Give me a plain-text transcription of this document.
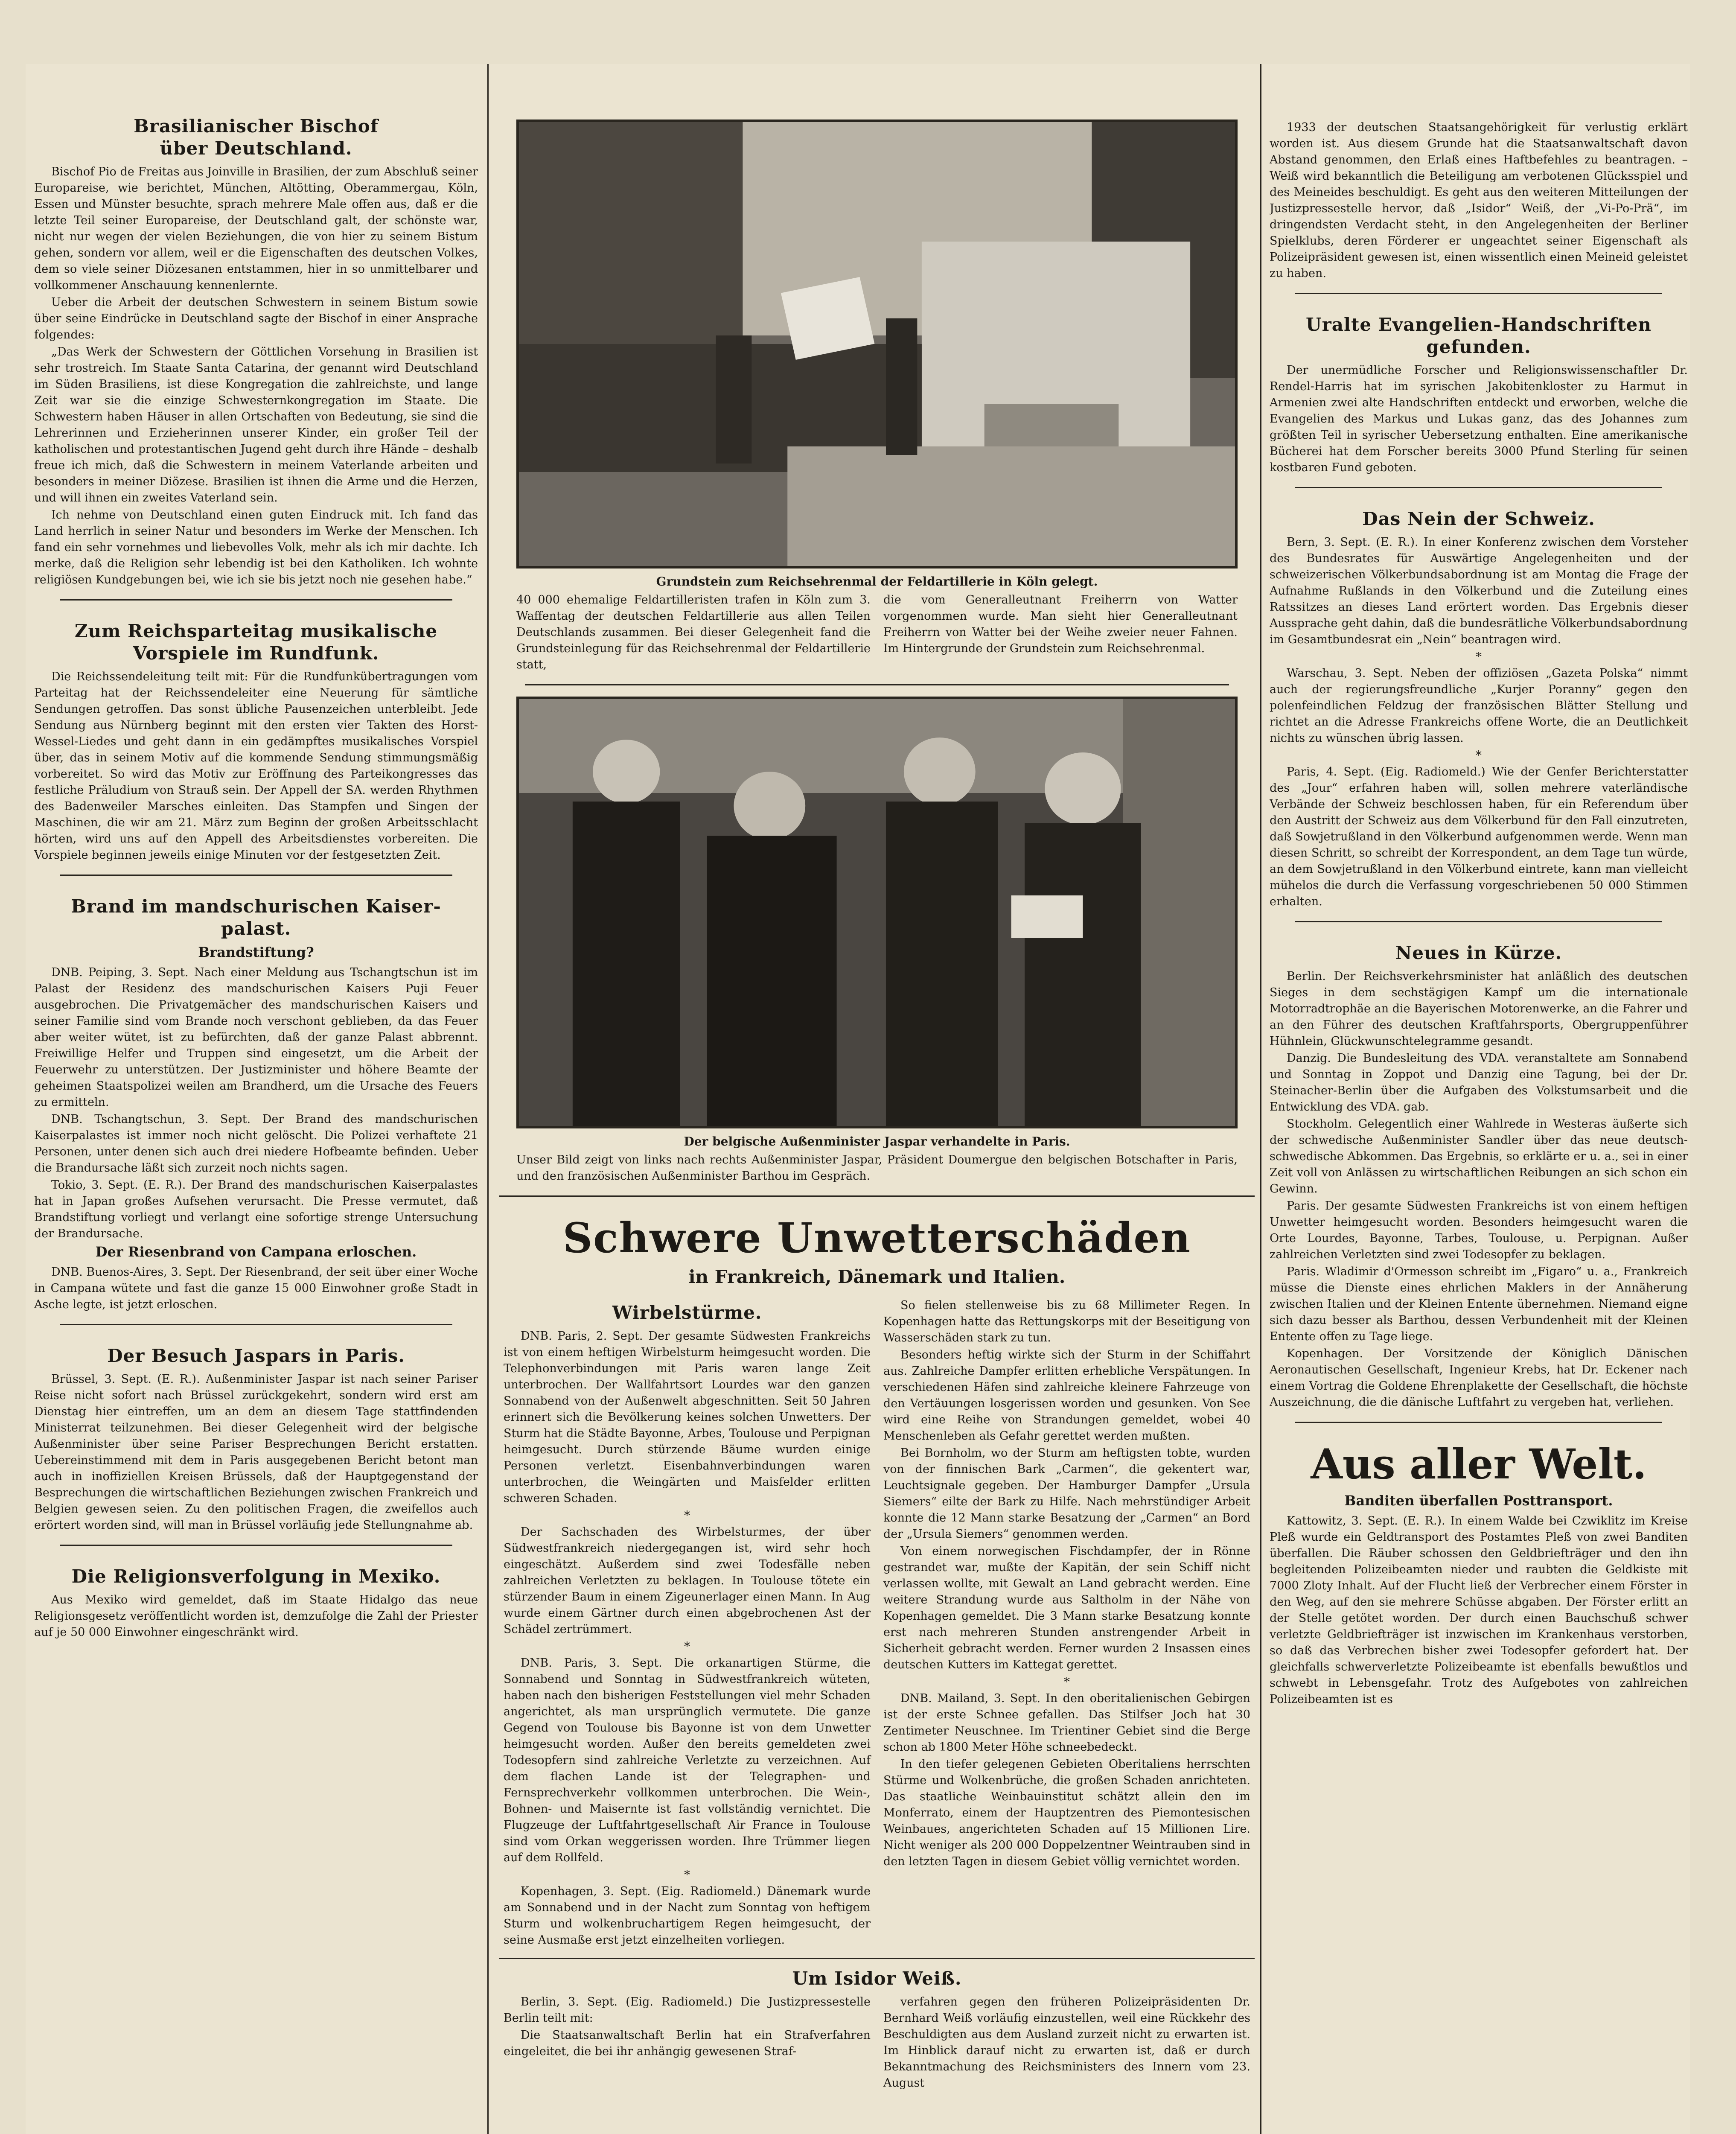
Brasilianischer Bischof
über Deutschland.

Bischof Pio de Freitas aus Joinville in Brasilien, der zum Abschluß seiner Europareise, wie berichtet, München, Altötting, Oberammergau, Köln, Essen und Münster besuchte, sprach mehrere Male offen aus, daß er die letzte Teil seiner Europareise, der Deutschland galt, der schönste war, nicht nur wegen der vielen Beziehungen, die von hier zu seinem Bistum gehen, sondern vor allem, weil er die Eigenschaften des deutschen Volkes, dem so viele seiner Diözesanen entstammen, hier in so unmittelbarer und vollkommener Anschauung kennenlernte.

Ueber die Arbeit der deutschen Schwestern in seinem Bistum sowie über seine Eindrücke in Deutschland sagte der Bischof in einer Ansprache folgendes:

„Das Werk der Schwestern der Göttlichen Vorsehung in Brasilien ist sehr trostreich. Im Staate Santa Catarina, der genannt wird Deutschland im Süden Brasiliens, ist diese Kongregation die zahlreichste, und lange Zeit war sie die einzige Schwesternkongregation im Staate. Die Schwestern haben Häuser in allen Ortschaften von Bedeutung, sie sind die Lehrerinnen und Erzieherinnen unserer Kinder, ein großer Teil der katholischen und protestantischen Jugend geht durch ihre Hände – deshalb freue ich mich, daß die Schwestern in meinem Vaterlande arbeiten und besonders in meiner Diözese. Brasilien ist ihnen die Arme und die Herzen, und will ihnen ein zweites Vaterland sein.

Ich nehme von Deutschland einen guten Eindruck mit. Ich fand das Land herrlich in seiner Natur und besonders im Werke der Menschen. Ich fand ein sehr vornehmes und liebevolles Volk, mehr als ich mir dachte. Ich merke, daß die Religion sehr lebendig ist bei den Katholiken. Ich wohnte religiösen Kundgebungen bei, wie ich sie bis jetzt noch nie gesehen habe.“

Zum Reichsparteitag musikalische
Vorspiele im Rundfunk.

Die Reichssendeleitung teilt mit: Für die Rundfunkübertragungen vom Parteitag hat der Reichssendeleiter eine Neuerung für sämtliche Sendungen getroffen. Das sonst übliche Pausenzeichen unterbleibt. Jede Sendung aus Nürnberg beginnt mit den ersten vier Takten des Horst-Wessel-Liedes und geht dann in ein gedämpftes musikalisches Vorspiel über, das in seinem Motiv auf die kommende Sendung stimmungsmäßig vorbereitet. So wird das Motiv zur Eröffnung des Parteikongresses das festliche Präludium von Strauß sein. Der Appell der SA. werden Rhythmen des Badenweiler Marsches einleiten. Das Stampfen und Singen der Maschinen, die wir am 21. März zum Beginn der großen Arbeitsschlacht hörten, wird uns auf den Appell des Arbeitsdienstes vorbereiten. Die Vorspiele beginnen jeweils einige Minuten vor der festgesetzten Zeit.

Brand im mandschurischen Kaiser-
palast.
Brandstiftung?

DNB. Peiping, 3. Sept. Nach einer Meldung aus Tschangtschun ist im Palast der Residenz des mandschurischen Kaisers Puji Feuer ausgebrochen. Die Privatgemächer des mandschurischen Kaisers und seiner Familie sind vom Brande noch verschont geblieben, da das Feuer aber weiter wütet, ist zu befürchten, daß der ganze Palast abbrennt. Freiwillige Helfer und Truppen sind eingesetzt, um die Arbeit der Feuerwehr zu unterstützen. Der Justizminister und höhere Beamte der geheimen Staatspolizei weilen am Brandherd, um die Ursache des Feuers zu ermitteln.

DNB. Tschangtschun, 3. Sept. Der Brand des mandschurischen Kaiserpalastes ist immer noch nicht gelöscht. Die Polizei verhaftete 21 Personen, unter denen sich auch drei niedere Hofbeamte befinden. Ueber die Brandursache läßt sich zurzeit noch nichts sagen.

Tokio, 3. Sept. (E. R.). Der Brand des mandschurischen Kaiserpalastes hat in Japan großes Aufsehen verursacht. Die Presse vermutet, daß Brandstiftung vorliegt und verlangt eine sofortige strenge Untersuchung der Brandursache.

Der Riesenbrand von Campana erloschen.

DNB. Buenos-Aires, 3. Sept. Der Riesenbrand, der seit über einer Woche in Campana wütete und fast die ganze 15 000 Einwohner große Stadt in Asche legte, ist jetzt erloschen.

Der Besuch Jaspars in Paris.

Brüssel, 3. Sept. (E. R.). Außenminister Jaspar ist nach seiner Pariser Reise nicht sofort nach Brüssel zurückgekehrt, sondern wird erst am Dienstag hier eintreffen, um an dem an diesem Tage stattfindenden Ministerrat teilzunehmen. Bei dieser Gelegenheit wird der belgische Außenminister über seine Pariser Besprechungen Bericht erstatten. Uebereinstimmend mit dem in Paris ausgegebenen Bericht betont man auch in inoffiziellen Kreisen Brüssels, daß der Hauptgegenstand der Besprechungen die wirtschaftlichen Beziehungen zwischen Frankreich und Belgien gewesen seien. Zu den politischen Fragen, die zweifellos auch erörtert worden sind, will man in Brüssel vorläufig jede Stellungnahme ab.

Die Religionsverfolgung in Mexiko.

Aus Mexiko wird gemeldet, daß im Staate Hidalgo das neue Religionsgesetz veröffentlicht worden ist, demzufolge die Zahl der Priester auf je 50 000 Einwohner eingeschränkt wird.

Grundstein zum Reichsehrenmal der Feldartillerie in Köln gelegt.
40 000 ehemalige Feldartilleristen trafen in Köln zum 3. Waffentag der deutschen Feldartillerie aus allen Teilen Deutschlands zusammen. Bei dieser Gelegenheit fand die Grundsteinlegung für das Reichsehrenmal der Feldartillerie statt,
die vom Generalleutnant Freiherrn von Watter vorgenommen wurde. Man sieht hier Generalleutnant Freiherrn von Watter bei der Weihe zweier neuer Fahnen. Im Hintergrunde der Grundstein zum Reichsehrenmal.
Der belgische Außenminister Jaspar verhandelte in Paris.
Unser Bild zeigt von links nach rechts Außenminister Jaspar, Präsident Doumergue den belgischen Botschafter in Paris, und den französischen Außenminister Barthou im Gespräch.
Schwere Unwetterschäden
in Frankreich, Dänemark und Italien.
Wirbelstürme.

DNB. Paris, 2. Sept. Der gesamte Südwesten Frankreichs ist von einem heftigen Wirbelsturm heimgesucht worden. Die Telephonverbindungen mit Paris waren lange Zeit unterbrochen. Der Wallfahrtsort Lourdes war den ganzen Sonnabend von der Außenwelt abgeschnitten. Seit 50 Jahren erinnert sich die Bevölkerung keines solchen Unwetters. Der Sturm hat die Städte Bayonne, Arbes, Toulouse und Perpignan heimgesucht. Durch stürzende Bäume wurden einige Personen verletzt. Eisenbahnverbindungen waren unterbrochen, die Weingärten und Maisfelder erlitten schweren Schaden.

*

Der Sachschaden des Wirbelsturmes, der über Südwestfrankreich niedergegangen ist, wird sehr hoch eingeschätzt. Außerdem sind zwei Todesfälle neben zahlreichen Verletzten zu beklagen. In Toulouse tötete ein stürzender Baum in einem Zigeunerlager einen Mann. In Aug wurde einem Gärtner durch einen abgebrochenen Ast der Schädel zertrümmert.

*

DNB. Paris, 3. Sept. Die orkanartigen Stürme, die Sonnabend und Sonntag in Südwestfrankreich wüteten, haben nach den bisherigen Feststellungen viel mehr Schaden angerichtet, als man ursprünglich vermutete. Die ganze Gegend von Toulouse bis Bayonne ist von dem Unwetter heimgesucht worden. Außer den bereits gemeldeten zwei Todesopfern sind zahlreiche Verletzte zu verzeichnen. Auf dem flachen Lande ist der Telegraphen- und Fernsprechverkehr vollkommen unterbrochen. Die Wein-, Bohnen- und Maisernte ist fast vollständig vernichtet. Die Flugzeuge der Luftfahrtgesellschaft Air France in Toulouse sind vom Orkan weggerissen worden. Ihre Trümmer liegen auf dem Rollfeld.

*

Kopenhagen, 3. Sept. (Eig. Radiomeld.) Dänemark wurde am Sonnabend und in der Nacht zum Sonntag von heftigem Sturm und wolkenbruchartigem Regen heimgesucht, der seine Ausmaße erst jetzt einzelheiten vorliegen.

So fielen stellenweise bis zu 68 Millimeter Regen. In Kopenhagen hatte das Rettungskorps mit der Beseitigung von Wasserschäden stark zu tun.

Besonders heftig wirkte sich der Sturm in der Schiffahrt aus. Zahlreiche Dampfer erlitten erhebliche Verspätungen. In verschiedenen Häfen sind zahlreiche kleinere Fahrzeuge von den Vertäuungen losgerissen worden und gesunken. Von See wird eine Reihe von Strandungen gemeldet, wobei 40 Menschenleben als Gefahr gerettet werden mußten.

Bei Bornholm, wo der Sturm am heftigsten tobte, wurden von der finnischen Bark „Carmen“, die gekentert war, Leuchtsignale gegeben. Der Hamburger Dampfer „Ursula Siemers“ eilte der Bark zu Hilfe. Nach mehrstündiger Arbeit konnte die 12 Mann starke Besatzung der „Carmen“ an Bord der „Ursula Siemers“ genommen werden.

Von einem norwegischen Fischdampfer, der in Rönne gestrandet war, mußte der Kapitän, der sein Schiff nicht verlassen wollte, mit Gewalt an Land gebracht werden. Eine weitere Strandung wurde aus Saltholm in der Nähe von Kopenhagen gemeldet. Die 3 Mann starke Besatzung konnte erst nach mehreren Stunden anstrengender Arbeit in Sicherheit gebracht werden. Ferner wurden 2 Insassen eines deutschen Kutters im Kattegat gerettet.

*

DNB. Mailand, 3. Sept. In den oberitalienischen Gebirgen ist der erste Schnee gefallen. Das Stilfser Joch hat 30 Zentimeter Neuschnee. Im Trientiner Gebiet sind die Berge schon ab 1800 Meter Höhe schneebedeckt.

In den tiefer gelegenen Gebieten Oberitaliens herrschten Stürme und Wolkenbrüche, die großen Schaden anrichteten. Das staatliche Weinbauinstitut schätzt allein den im Monferrato, einem der Hauptzentren des Piemontesischen Weinbaues, angerichteten Schaden auf 15 Millionen Lire. Nicht weniger als 200 000 Doppelzentner Weintrauben sind in den letzten Tagen in diesem Gebiet völlig vernichtet worden.

Um Isidor Weiß.

Berlin, 3. Sept. (Eig. Radiomeld.) Die Justizpressestelle Berlin teilt mit:

Die Staatsanwaltschaft Berlin hat ein Strafverfahren eingeleitet, die bei ihr anhängig gewesenen Straf-

verfahren gegen den früheren Polizeipräsidenten Dr. Bernhard Weiß vorläufig einzustellen, weil eine Rückkehr des Beschuldigten aus dem Ausland zurzeit nicht zu erwarten ist. Im Hinblick darauf nicht zu erwarten ist, daß er durch Bekanntmachung des Reichsministers des Innern vom 23. August

1933 der deutschen Staatsangehörigkeit für verlustig erklärt worden ist. Aus diesem Grunde hat die Staatsanwaltschaft davon Abstand genommen, den Erlaß eines Haftbefehles zu beantragen. – Weiß wird bekanntlich die Beteiligung am verbotenen Glücksspiel und des Meineides beschuldigt. Es geht aus den weiteren Mitteilungen der Justizpressestelle hervor, daß „Isidor“ Weiß, der „Vi-Po-Prä“, im dringendsten Verdacht steht, in den Angelegenheiten der Berliner Spielklubs, deren Förderer er ungeachtet seiner Eigenschaft als Polizeipräsident gewesen ist, einen wissentlich einen Meineid geleistet zu haben.

Uralte Evangelien-Handschriften
gefunden.

Der unermüdliche Forscher und Religionswissenschaftler Dr. Rendel-Harris hat im syrischen Jakobitenkloster zu Harmut in Armenien zwei alte Handschriften entdeckt und erworben, welche die Evangelien des Markus und Lukas ganz, das des Johannes zum größten Teil in syrischer Uebersetzung enthalten. Eine amerikanische Bücherei hat dem Forscher bereits 3000 Pfund Sterling für seinen kostbaren Fund geboten.

Das Nein der Schweiz.

Bern, 3. Sept. (E. R.). In einer Konferenz zwischen dem Vorsteher des Bundesrates für Auswärtige Angelegenheiten und der schweizerischen Völkerbundsabordnung ist am Montag die Frage der Aufnahme Rußlands in den Völkerbund und die Zuteilung eines Ratssitzes an dieses Land erörtert worden. Das Ergebnis dieser Aussprache geht dahin, daß die bundesrätliche Völkerbundsabordnung im Gesamtbundesrat ein „Nein“ beantragen wird.

*

Warschau, 3. Sept. Neben der offiziösen „Gazeta Polska“ nimmt auch der regierungsfreundliche „Kurjer Poranny“ gegen den polenfeindlichen Feldzug der französischen Blätter Stellung und richtet an die Adresse Frankreichs offene Worte, die an Deutlichkeit nichts zu wünschen übrig lassen.

*

Paris, 4. Sept. (Eig. Radiomeld.) Wie der Genfer Berichterstatter des „Jour“ erfahren haben will, sollen mehrere vaterländische Verbände der Schweiz beschlossen haben, für ein Referendum über den Austritt der Schweiz aus dem Völkerbund für den Fall einzutreten, daß Sowjetrußland in den Völkerbund aufgenommen werde. Wenn man diesen Schritt, so schreibt der Korrespondent, an dem Tage tun würde, an dem Sowjetrußland in den Völkerbund eintrete, kann man vielleicht mühelos die durch die Verfassung vorgeschriebenen 50 000 Stimmen erhalten.

Neues in Kürze.

Berlin. Der Reichsverkehrsminister hat anläßlich des deutschen Sieges in dem sechstägigen Kampf um die internationale Motorradtrophäe an die Bayerischen Motorenwerke, an die Fahrer und an den Führer des deutschen Kraftfahrsports, Obergruppenführer Hühnlein, Glückwunschtelegramme gesandt.

Danzig. Die Bundesleitung des VDA. veranstaltete am Sonnabend und Sonntag in Zoppot und Danzig eine Tagung, bei der Dr. Steinacher-Berlin über die Aufgaben des Volkstumsarbeit und die Entwicklung des VDA. gab.

Stockholm. Gelegentlich einer Wahlrede in Westeras äußerte sich der schwedische Außenminister Sandler über das neue deutsch-schwedische Abkommen. Das Ergebnis, so erklärte er u. a., sei in einer Zeit voll von Anlässen zu wirtschaftlichen Reibungen an sich schon ein Gewinn.

Paris. Der gesamte Südwesten Frankreichs ist von einem heftigen Unwetter heimgesucht worden. Besonders heimgesucht waren die Orte Lourdes, Bayonne, Tarbes, Toulouse, u. Perpignan. Außer zahlreichen Verletzten sind zwei Todesopfer zu beklagen.

Paris. Wladimir d'Ormesson schreibt im „Figaro“ u. a., Frankreich müsse die Dienste eines ehrlichen Maklers in der Annäherung zwischen Italien und der Kleinen Entente übernehmen. Niemand eigne sich dazu besser als Barthou, dessen Verbundenheit mit der Kleinen Entente offen zu Tage liege.

Kopenhagen. Der Vorsitzende der Königlich Dänischen Aeronautischen Gesellschaft, Ingenieur Krebs, hat Dr. Eckener nach einem Vortrag die Goldene Ehrenplakette der Gesellschaft, die höchste Auszeichnung, die die dänische Luftfahrt zu vergeben hat, verliehen.

Aus aller Welt.
Banditen überfallen Posttransport.

Kattowitz, 3. Sept. (E. R.). In einem Walde bei Czwiklitz im Kreise Pleß wurde ein Geldtransport des Postamtes Pleß von zwei Banditen überfallen. Die Räuber schossen den Geldbriefträger und den ihn begleitenden Polizeibeamten nieder und raubten die Geldkiste mit 7000 Zloty Inhalt. Auf der Flucht ließ der Verbrecher einem Förster in den Weg, auf den sie mehrere Schüsse abgaben. Der Förster erlitt an der Stelle getötet worden. Der durch einen Bauchschuß schwer verletzte Geldbriefträger ist inzwischen im Krankenhaus verstorben, so daß das Verbrechen bisher zwei Todesopfer gefordert hat. Der gleichfalls schwerverletzte Polizeibeamte ist ebenfalls bewußtlos und schwebt in Lebensgefahr. Trotz des Aufgebotes von zahlreichen Polizeibeamten ist es
